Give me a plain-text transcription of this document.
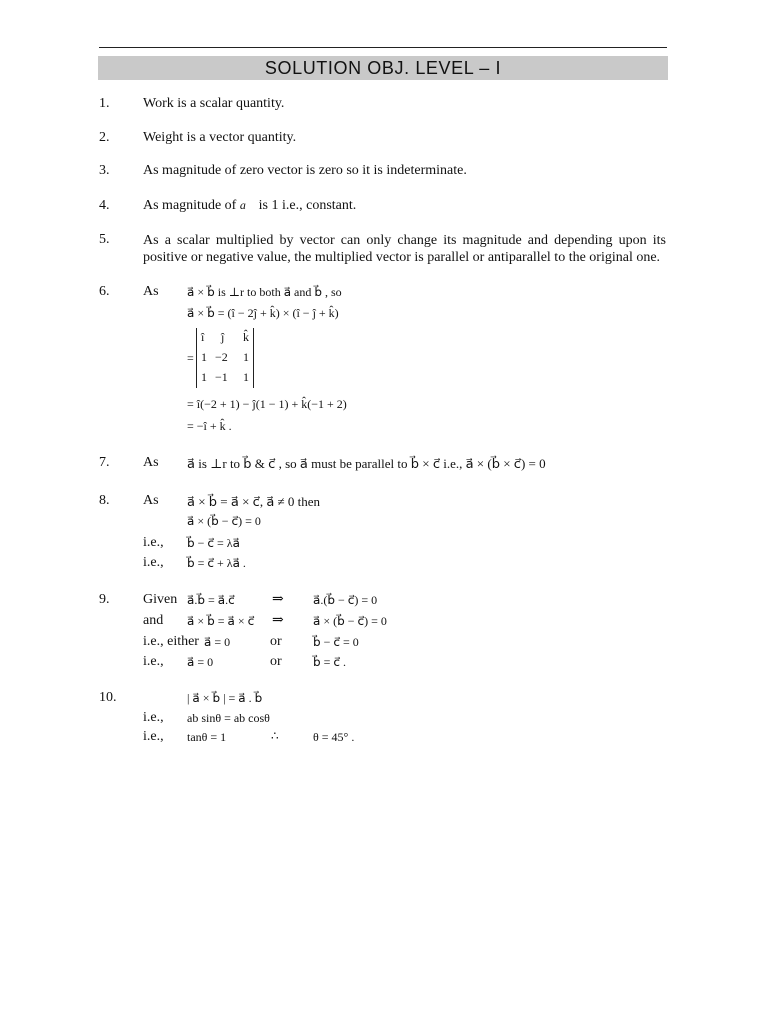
SOLUTION OBJ. LEVEL – I
1. Work is a scalar quantity.
2. Weight is a vector quantity.
3. As magnitude of zero vector is zero so it is indeterminate.
4. As magnitude of a⃗ is 1 i.e., constant.
5. As a scalar multiplied by vector can only change its magnitude and depending upon its positive or negative value, the multiplied vector is parallel or antiparallel to the original one.
6. As a⃗ × b⃗ is ⊥r to both a⃗ and b⃗ , so
a⃗ × b⃗ = (î − 2ĵ + k̂) × (î − ĵ + k̂)
=
î ĵ k̂
1 −2 1
1 −1 1
= î(−2 + 1) − ĵ(1 − 1) + k̂(−1 + 2)
= −î + k̂ .
7. As a⃗ is ⊥r to b⃗ & c⃗ , so a⃗ must be parallel to b⃗ × c⃗ i.e., a⃗ × (b⃗ × c⃗) = 0
8. As a⃗ × b⃗ = a⃗ × c⃗, a⃗ ≠ 0 then
a⃗ × (b⃗ − c⃗) = 0
i.e., b⃗ − c⃗ = λa⃗
i.e., b⃗ = c⃗ + λa⃗ .
9. Given a⃗.b⃗ = a⃗.c⃗	⇒ a⃗.(b⃗ − c⃗) = 0
and a⃗ × b⃗ = a⃗ × c⃗ ⇒ a⃗ × (b⃗ − c⃗) = 0
i.e., either a⃗ = 0	or	b⃗ − c⃗ = 0
i.e., a⃗ = 0	or	b⃗ = c⃗ .
10.	| a⃗ × b⃗ | = a⃗ . b⃗
i.e., ab sinθ = ab cosθ
i.e., tanθ = 1	∴	θ = 45° .
